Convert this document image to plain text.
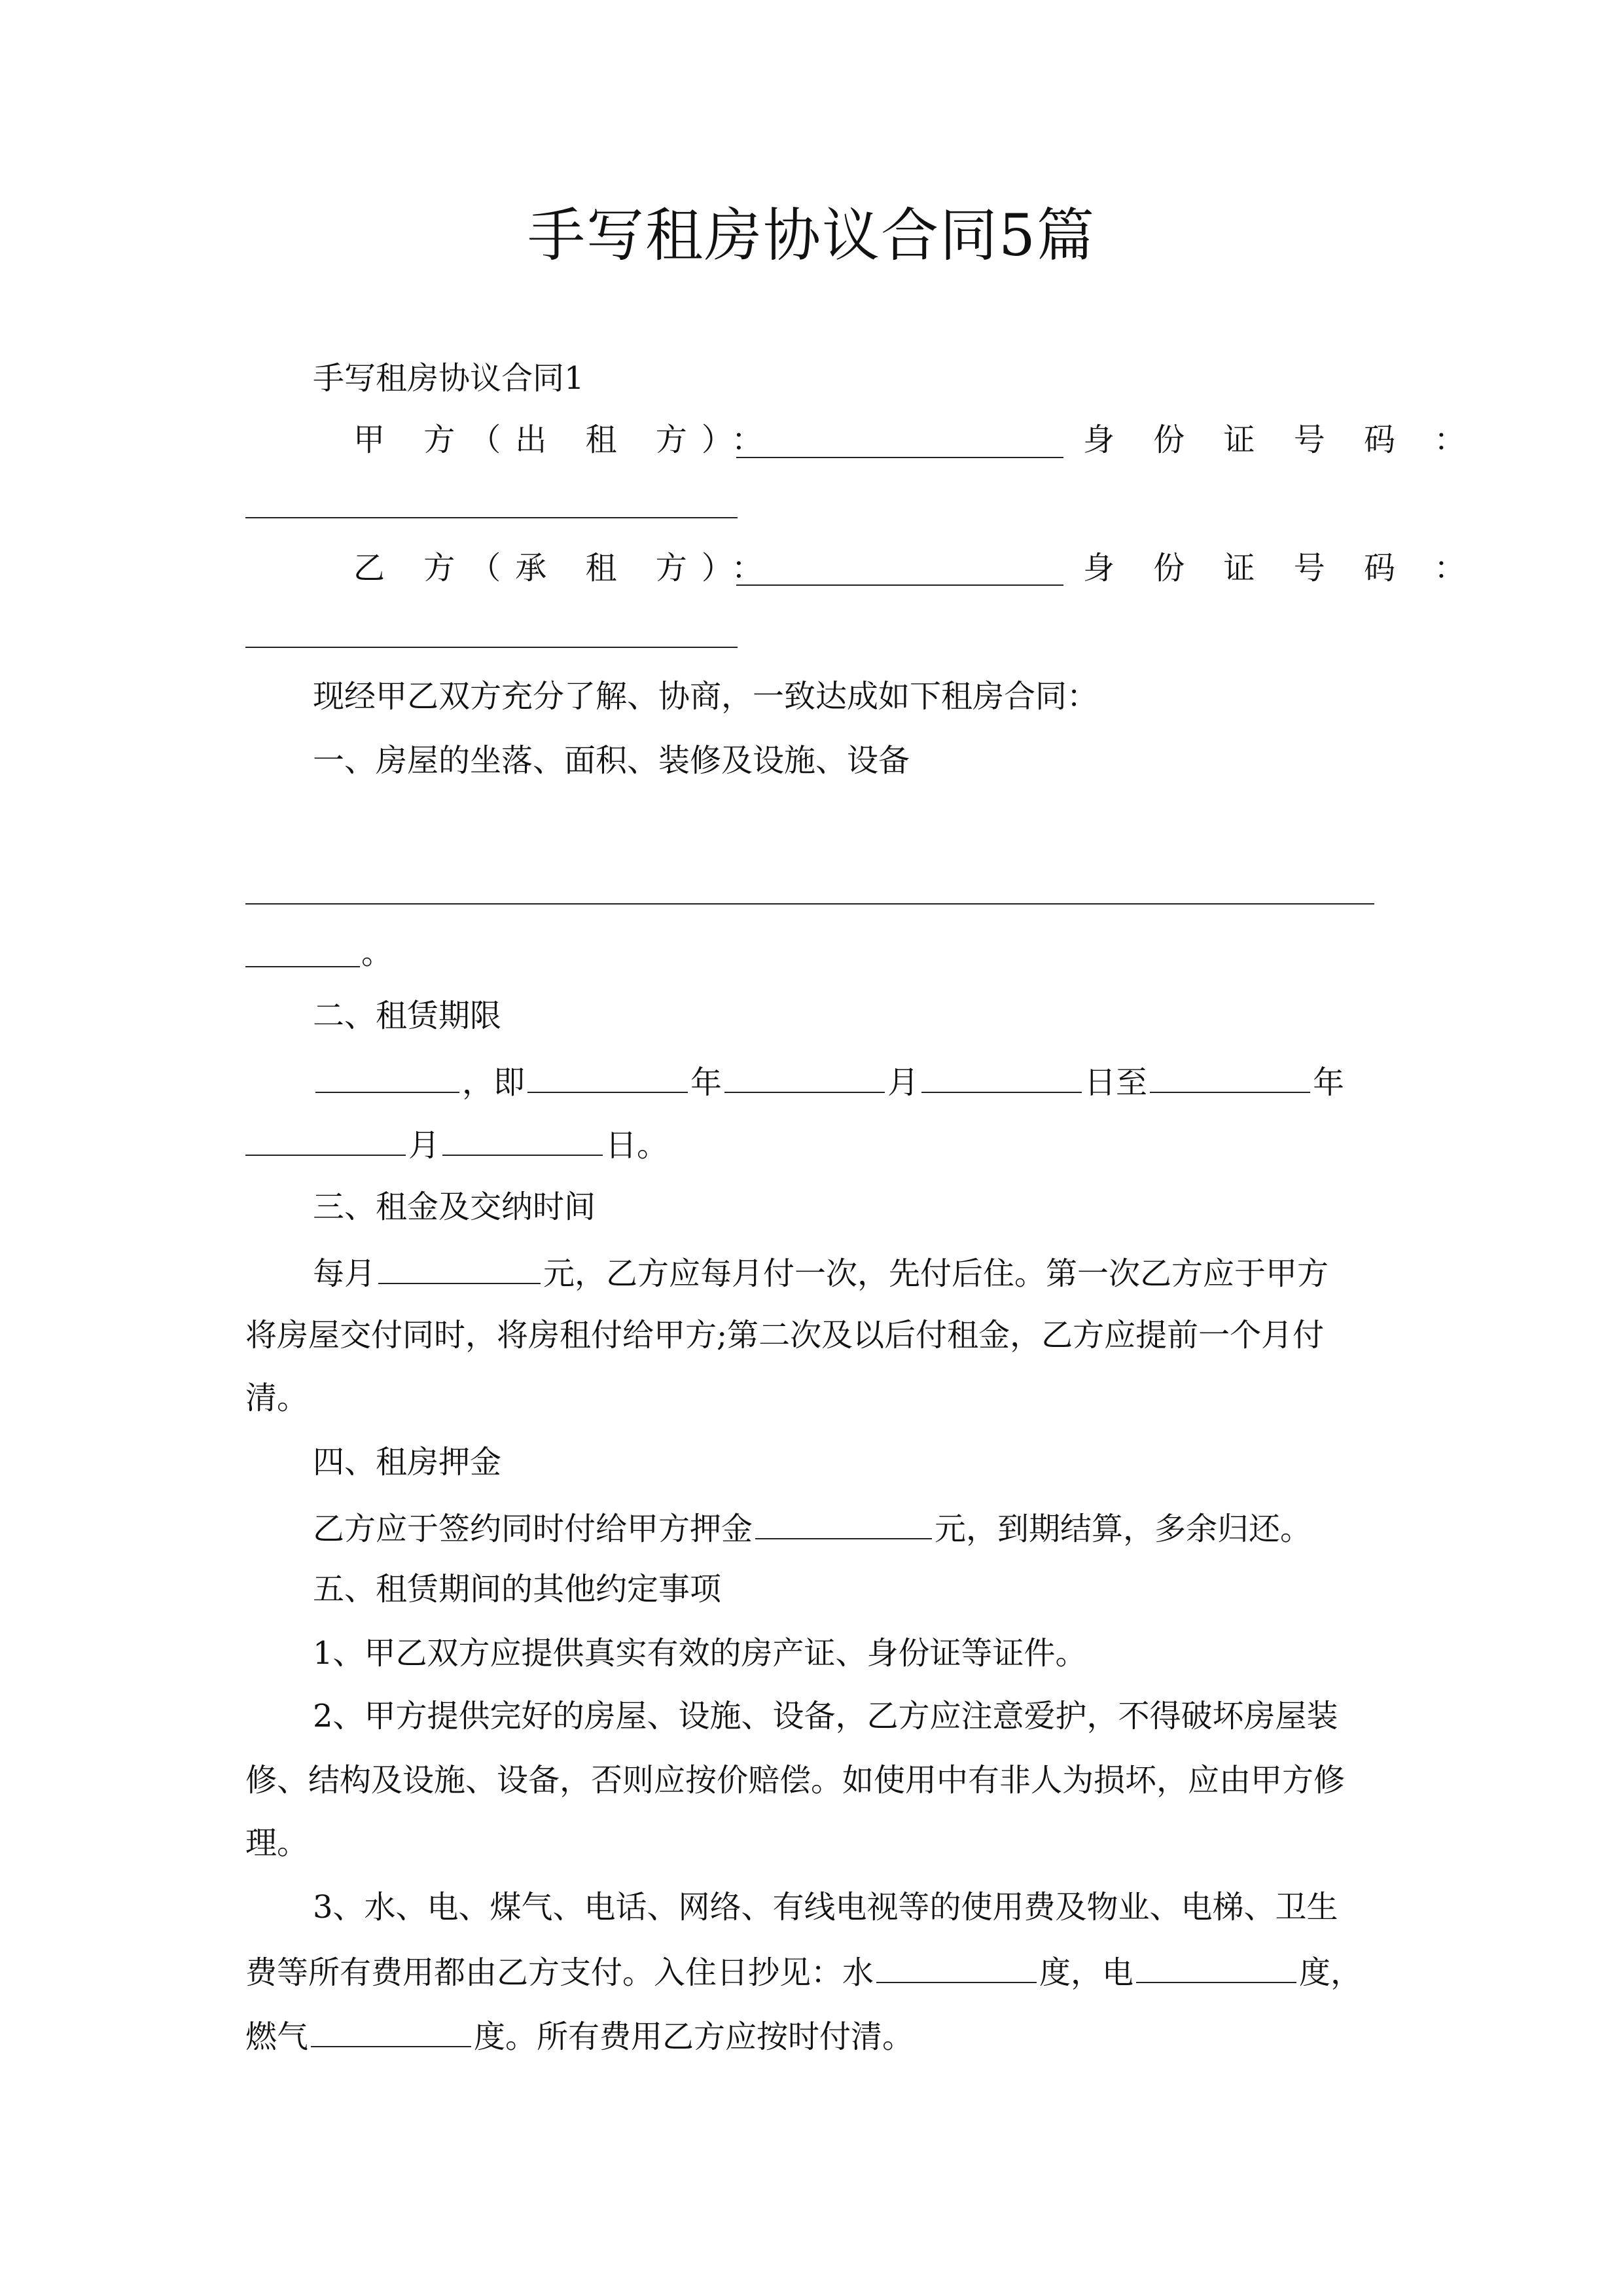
手写租房协议合同5篇
手写租房协议合同1
甲 方（出 租 方）：	身 份 证 号 码 ：
乙 方（承 租 方）：	身 份 证 号 码 ：
现经甲乙双方充分了解、协商，一致达成如下租房合同：
一、房屋的坐落、面积、装修及设施、设备
。
二、租赁期限
，即	年	月	日至	年
月	日。
三、租金及交纳时间
每月	元，乙方应每月付一次，先付后住。第一次乙方应于甲方
将房屋交付同时，将房租付给甲方;第二次及以后付租金，乙方应提前一个月付
清。
四、租房押金
乙方应于签约同时付给甲方押金	元，到期结算，多余归还。
五、租赁期间的其他约定事项
1、甲乙双方应提供真实有效的房产证、身份证等证件。
2、甲方提供完好的房屋、设施、设备，乙方应注意爱护，不得破坏房屋装
修、结构及设施、设备，否则应按价赔偿。如使用中有非人为损坏，应由甲方修
理。
3、水、电、煤气、电话、网络、有线电视等的使用费及物业、电梯、卫生
费等所有费用都由乙方支付。入住日抄见：水	度，电	度，
燃气	度。所有费用乙方应按时付清。
